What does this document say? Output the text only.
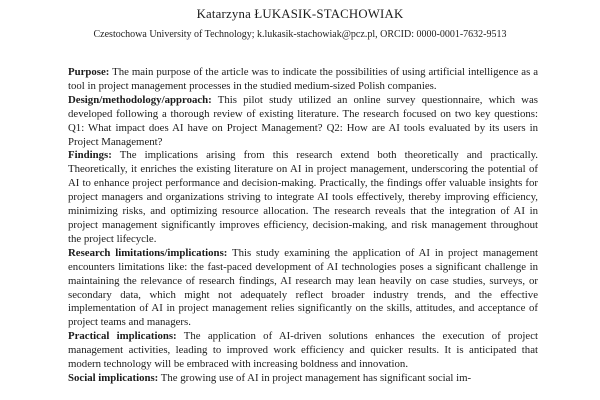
Katarzyna ŁUKASIK-STACHOWIAK
Czestochowa University of Technology; k.lukasik-stachowiak@pcz.pl, ORCID: 0000-0001-7632-9513

Purpose: The main purpose of the article was to indicate the possibilities of using artificial intelligence as a tool in project management processes in the studied medium-sized Polish companies.

Design/methodology/approach: This pilot study utilized an online survey questionnaire, which was developed following a thorough review of existing literature. The research focused on two key questions: Q1: What impact does AI have on Project Management? Q2: How are AI tools evaluated by its users in Project Management?

Findings: The implications arising from this research extend both theoretically and practically. Theoretically, it enriches the existing literature on AI in project management, underscoring the potential of AI to enhance project performance and decision-making. Practically, the findings offer valuable insights for project managers and organizations striving to integrate AI tools effectively, thereby improving efficiency, minimizing risks, and optimizing resource allocation. The research reveals that the integration of AI in project management significantly improves efficiency, decision-making, and risk management throughout the project lifecycle.

Research limitations/implications: This study examining the application of AI in project management encounters limitations like: the fast-paced development of AI technologies poses a significant challenge in maintaining the relevance of research findings, AI research may lean heavily on case studies, surveys, or secondary data, which might not adequately reflect broader industry trends, and the effective implementation of AI in project management relies significantly on the skills, attitudes, and acceptance of project teams and managers.

Practical implications: The application of AI-driven solutions enhances the execution of project management activities, leading to improved work efficiency and quicker results. It is anticipated that modern technology will be embraced with increasing boldness and innovation.

Social implications: The growing use of AI in project management has significant social im-
